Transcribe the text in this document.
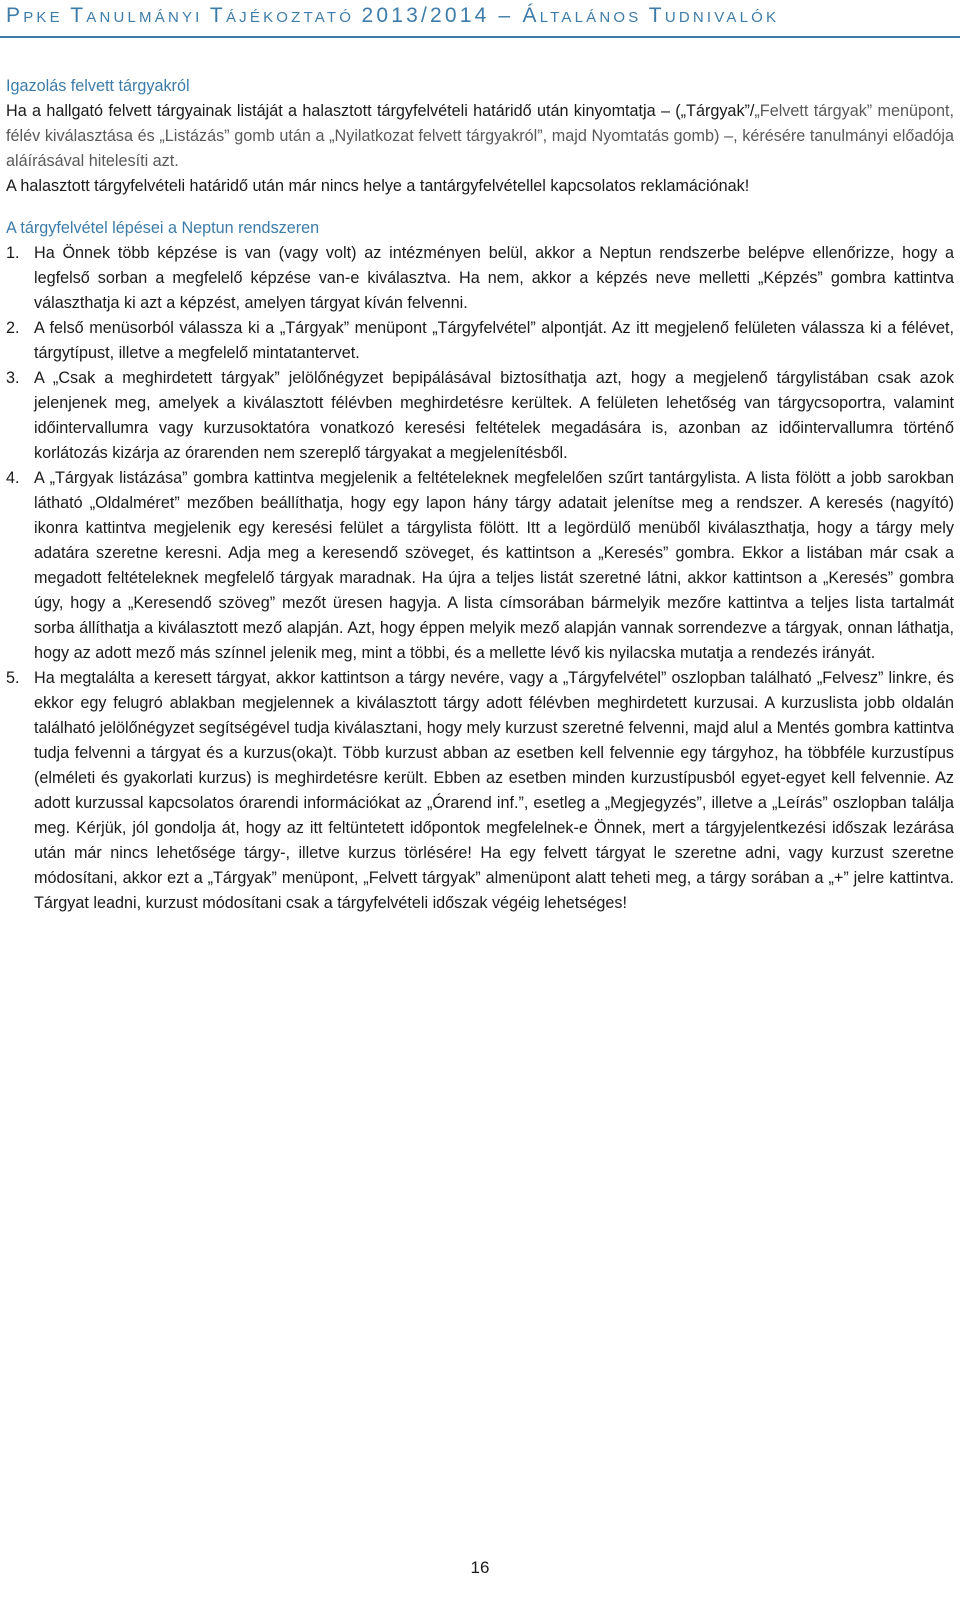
PPKE TANULMÁNYI TÁJÉKOZTATÓ 2013/2014 – ÁLTALÁNOS TUDNIVALÓK
Igazolás felvett tárgyakról

Ha a hallgató felvett tárgyainak listáját a halasztott tárgyfelvételi határidő után kinyomtatja – („Tárgyak”/„Felvett tárgyak” menüpont, félév kiválasztása és „Listázás” gomb után a „Nyilatkozat felvett tárgyakról”, majd Nyomtatás gomb) –, kérésére tanulmányi előadója aláírásával hitelesíti azt.

A halasztott tárgyfelvételi határidő után már nincs helye a tantárgyfelvétellel kapcsolatos reklamációnak!

A tárgyfelvétel lépései a Neptun rendszeren
1. Ha Önnek több képzése is van (vagy volt) az intézményen belül, akkor a Neptun rendszerbe belépve ellenőrizze, hogy a legfelső sorban a megfelelő képzése van-e kiválasztva. Ha nem, akkor a képzés neve melletti „Képzés” gombra kattintva választhatja ki azt a képzést, amelyen tárgyat kíván felvenni.
2. A felső menüsorból válassza ki a „Tárgyak” menüpont „Tárgyfelvétel” alpontját. Az itt megjelenő felületen válassza ki a félévet, tárgytípust, illetve a megfelelő mintatantervet.
3. A „Csak a meghirdetett tárgyak” jelölőnégyzet bepipálásával biztosíthatja azt, hogy a megjelenő tárgylistában csak azok jelenjenek meg, amelyek a kiválasztott félévben meghirdetésre kerültek. A felületen lehetőség van tárgycsoportra, valamint időintervallumra vagy kurzusoktatóra vonatkozó keresési feltételek megadására is, azonban az időintervallumra történő korlátozás kizárja az órarenden nem szereplő tárgyakat a megjelenítésből.
4. A „Tárgyak listázása” gombra kattintva megjelenik a feltételeknek megfelelően szűrt tantárgylista. A lista fölött a jobb sarokban látható „Oldalméret” mezőben beállíthatja, hogy egy lapon hány tárgy adatait jelenítse meg a rendszer. A keresés (nagyító) ikonra kattintva megjelenik egy keresési felület a tárgylista fölött. Itt a legördülő menüből kiválaszthatja, hogy a tárgy mely adatára szeretne keresni. Adja meg a keresendő szöveget, és kattintson a „Keresés” gombra. Ekkor a listában már csak a megadott feltételeknek megfelelő tárgyak maradnak. Ha újra a teljes listát szeretné látni, akkor kattintson a „Keresés” gombra úgy, hogy a „Keresendő szöveg” mezőt üresen hagyja. A lista címsorában bármelyik mezőre kattintva a teljes lista tartalmát sorba állíthatja a kiválasztott mező alapján. Azt, hogy éppen melyik mező alapján vannak sorrendezve a tárgyak, onnan láthatja, hogy az adott mező más színnel jelenik meg, mint a többi, és a mellette lévő kis nyilacska mutatja a rendezés irányát.
5. Ha megtalálta a keresett tárgyat, akkor kattintson a tárgy nevére, vagy a „Tárgyfelvétel” oszlopban található „Felvesz” linkre, és ekkor egy felugró ablakban megjelennek a kiválasztott tárgy adott félévben meghirdetett kurzusai. A kurzuslista jobb oldalán található jelölőnégyzet segítségével tudja kiválasztani, hogy mely kurzust szeretné felvenni, majd alul a Mentés gombra kattintva tudja felvenni a tárgyat és a kurzus(oka)t. Több kurzust abban az esetben kell felvennie egy tárgyhoz, ha többféle kurzustípus (elméleti és gyakorlati kurzus) is meghirdetésre került. Ebben az esetben minden kurzustípusból egyet-egyet kell felvennie. Az adott kurzussal kapcsolatos órarendi információkat az „Órarend inf.”, esetleg a „Megjegyzés”, illetve a „Leírás” oszlopban találja meg. Kérjük, jól gondolja át, hogy az itt feltüntetett időpontok megfelelnek-e Önnek, mert a tárgyjelentkezési időszak lezárása után már nincs lehetősége tárgy-, illetve kurzus törlésére! Ha egy felvett tárgyat le szeretne adni, vagy kurzust szeretne módosítani, akkor ezt a „Tárgyak” menüpont, „Felvett tárgyak” almenüpont alatt teheti meg, a tárgy sorában a „+” jelre kattintva. Tárgyat leadni, kurzust módosítani csak a tárgyfelvételi időszak végéig lehetséges!
16
